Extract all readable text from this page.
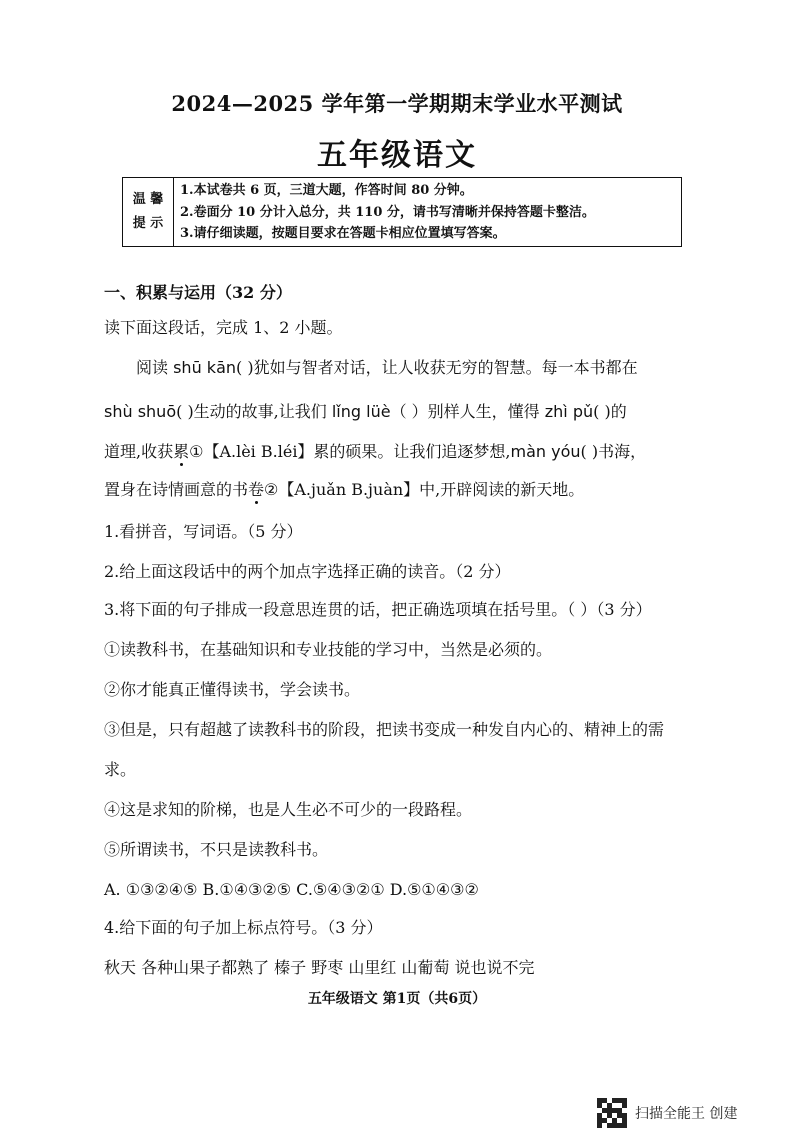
2024—2025 学年第一学期期末学业水平测试
五年级语文
温 馨
提 示
1.本试卷共 6 页，三道大题，作答时间 80 分钟。
2.卷面分 10 分计入总分，共 110 分，请书写清晰并保持答题卡整洁。
3.请仔细读题，按题目要求在答题卡相应位置填写答案。
一、积累与运用（32 分）
读下面这段话，完成 1、2 小题。
阅读 shū kān( )犹如与智者对话，让人收获无穷的智慧。每一本书都在
shù shuō( )生动的故事,让我们 lǐng lüè（ ）别样人生，懂得 zhì pǔ( )的
道理,收获累①【A.lèi B.léi】累的硕果。让我们追逐梦想,màn yóu( )书海，
置身在诗情画意的书卷②【A.juǎn B.juàn】中,开辟阅读的新天地。
1.看拼音，写词语。（5 分）
2.给上面这段话中的两个加点字选择正确的读音。（2 分）
3.将下面的句子排成一段意思连贯的话，把正确选项填在括号里。（ ）（3 分）
①读教科书，在基础知识和专业技能的学习中，当然是必须的。
②你才能真正懂得读书，学会读书。
③但是，只有超越了读教科书的阶段，把读书变成一种发自内心的、精神上的需
求。
④这是求知的阶梯，也是人生必不可少的一段路程。
⑤所谓读书，不只是读教科书。
A. ①③②④⑤ B.①④③②⑤ C.⑤④③②① D.⑤①④③②
4.给下面的句子加上标点符号。（3 分）
秋天 各种山果子都熟了 榛子 野枣 山里红 山葡萄 说也说不完
五年级语文 第1页（共6页）
扫描全能王 创建
